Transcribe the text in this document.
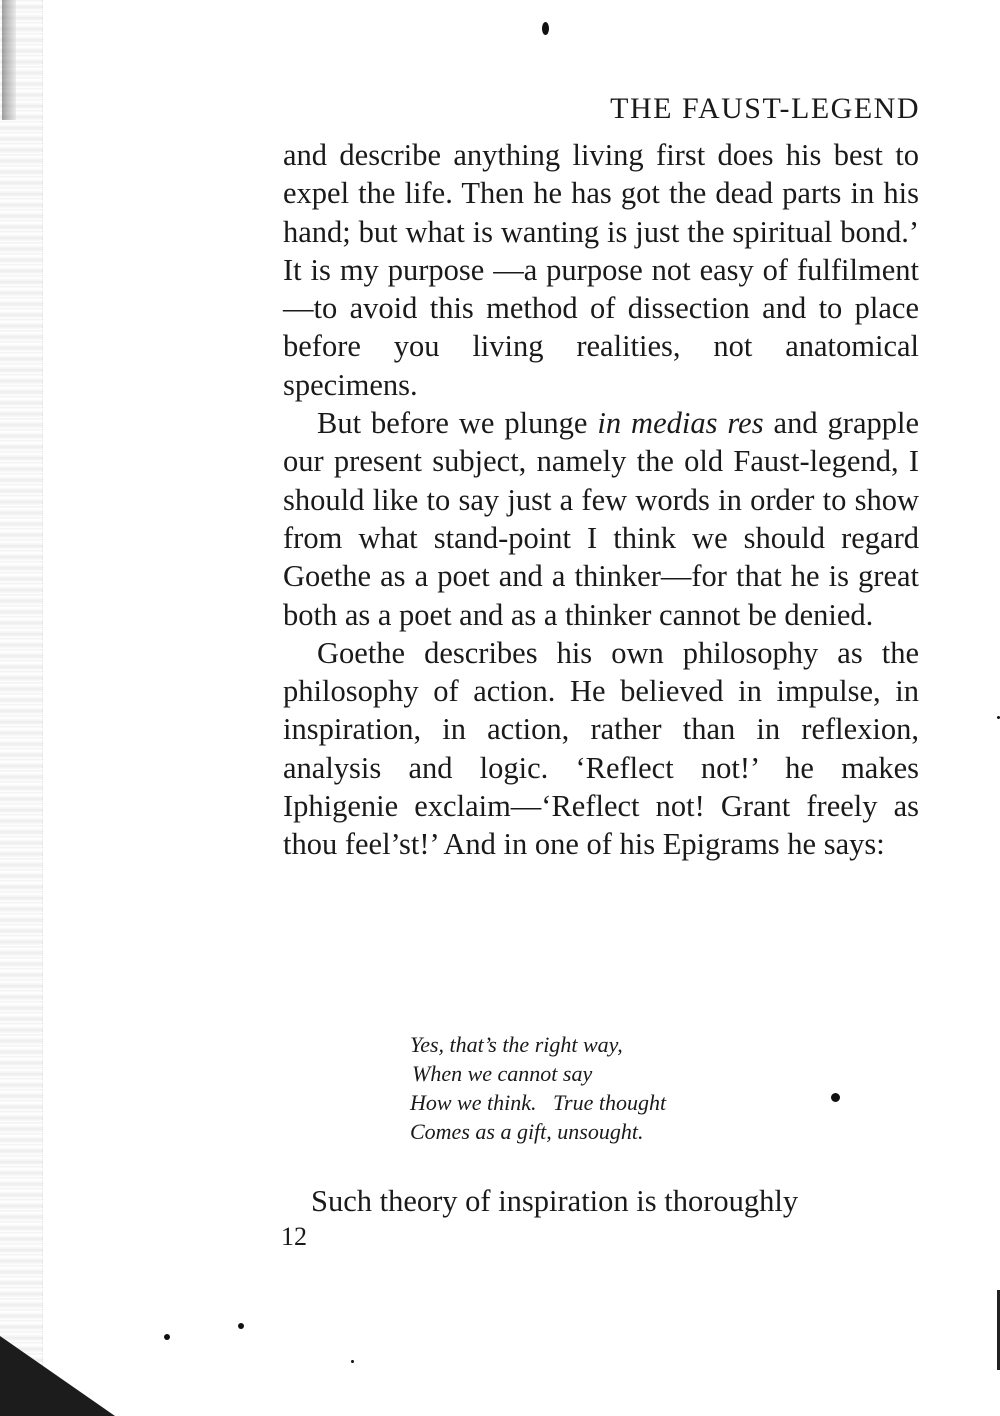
THE FAUST-LEGEND

and describe anything living first does his best to expel the life. Then he has got the dead parts in his hand; but what is wanting is just the spiritual bond.’ It is my purpose —a purpose not easy of fulfilment—to avoid this method of dissection and to place before you living realities, not anatomical specimens.

But before we plunge in medias res and grapple our present subject, namely the old Faust-legend, I should like to say just a few words in order to show from what stand-point I think we should regard Goethe as a poet and a thinker—for that he is great both as a poet and as a thinker cannot be denied.

Goethe describes his own philosophy as the philosophy of action. He believed in impulse, in inspiration, in action, rather than in reflexion, analysis and logic. ‘Reflect not!’ he makes Iphigenie exclaim—‘Reflect not! Grant freely as thou feel’st!’ And in one of his Epigrams he says:

Yes, that’s the right way,
When we cannot say
How we think.   True thought
Comes as a gift, unsought.

Such theory of inspiration is thoroughly

12
